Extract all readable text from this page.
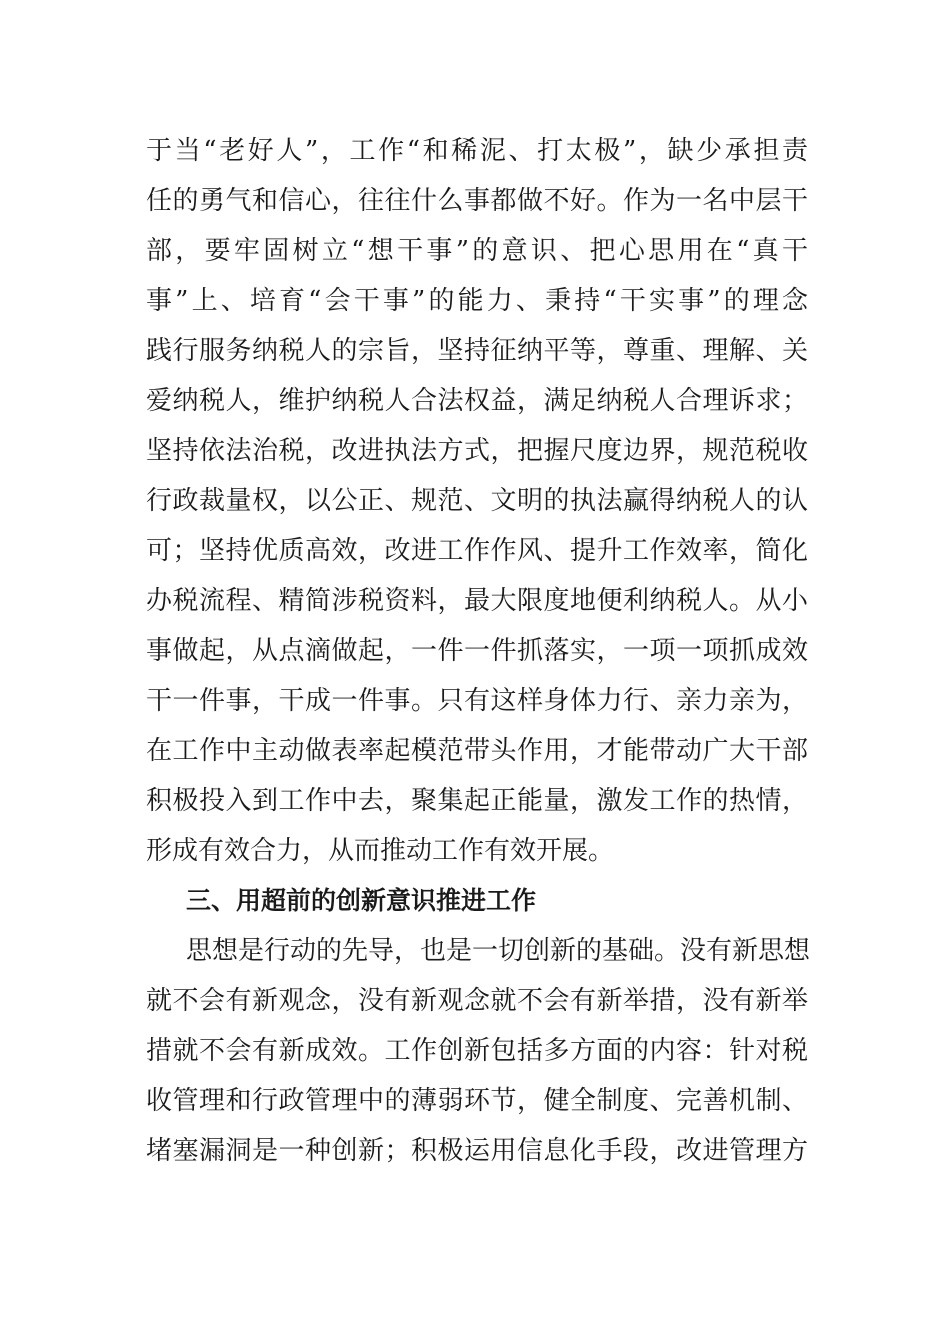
于当“老好人”，工作“和稀泥、打太极”，缺少承担责
任的勇气和信心，往往什么事都做不好。作为一名中层干
部，要牢固树立“想干事”的意识、把心思用在“真干
事”上、培育“会干事”的能力、秉持“干实事”的理念
践行服务纳税人的宗旨，坚持征纳平等，尊重、理解、关
爱纳税人，维护纳税人合法权益，满足纳税人合理诉求；
坚持依法治税，改进执法方式，把握尺度边界，规范税收
行政裁量权，以公正、规范、文明的执法赢得纳税人的认
可；坚持优质高效，改进工作作风、提升工作效率，简化
办税流程、精简涉税资料，最大限度地便利纳税人。从小
事做起，从点滴做起，一件一件抓落实，一项一项抓成效
干一件事，干成一件事。只有这样身体力行、亲力亲为，
在工作中主动做表率起模范带头作用，才能带动广大干部
积极投入到工作中去，聚集起正能量，激发工作的热情，
形成有效合力，从而推动工作有效开展。
三、用超前的创新意识推进工作
思想是行动的先导，也是一切创新的基础。没有新思想
就不会有新观念，没有新观念就不会有新举措，没有新举
措就不会有新成效。工作创新包括多方面的内容：针对税
收管理和行政管理中的薄弱环节，健全制度、完善机制、
堵塞漏洞是一种创新；积极运用信息化手段，改进管理方
